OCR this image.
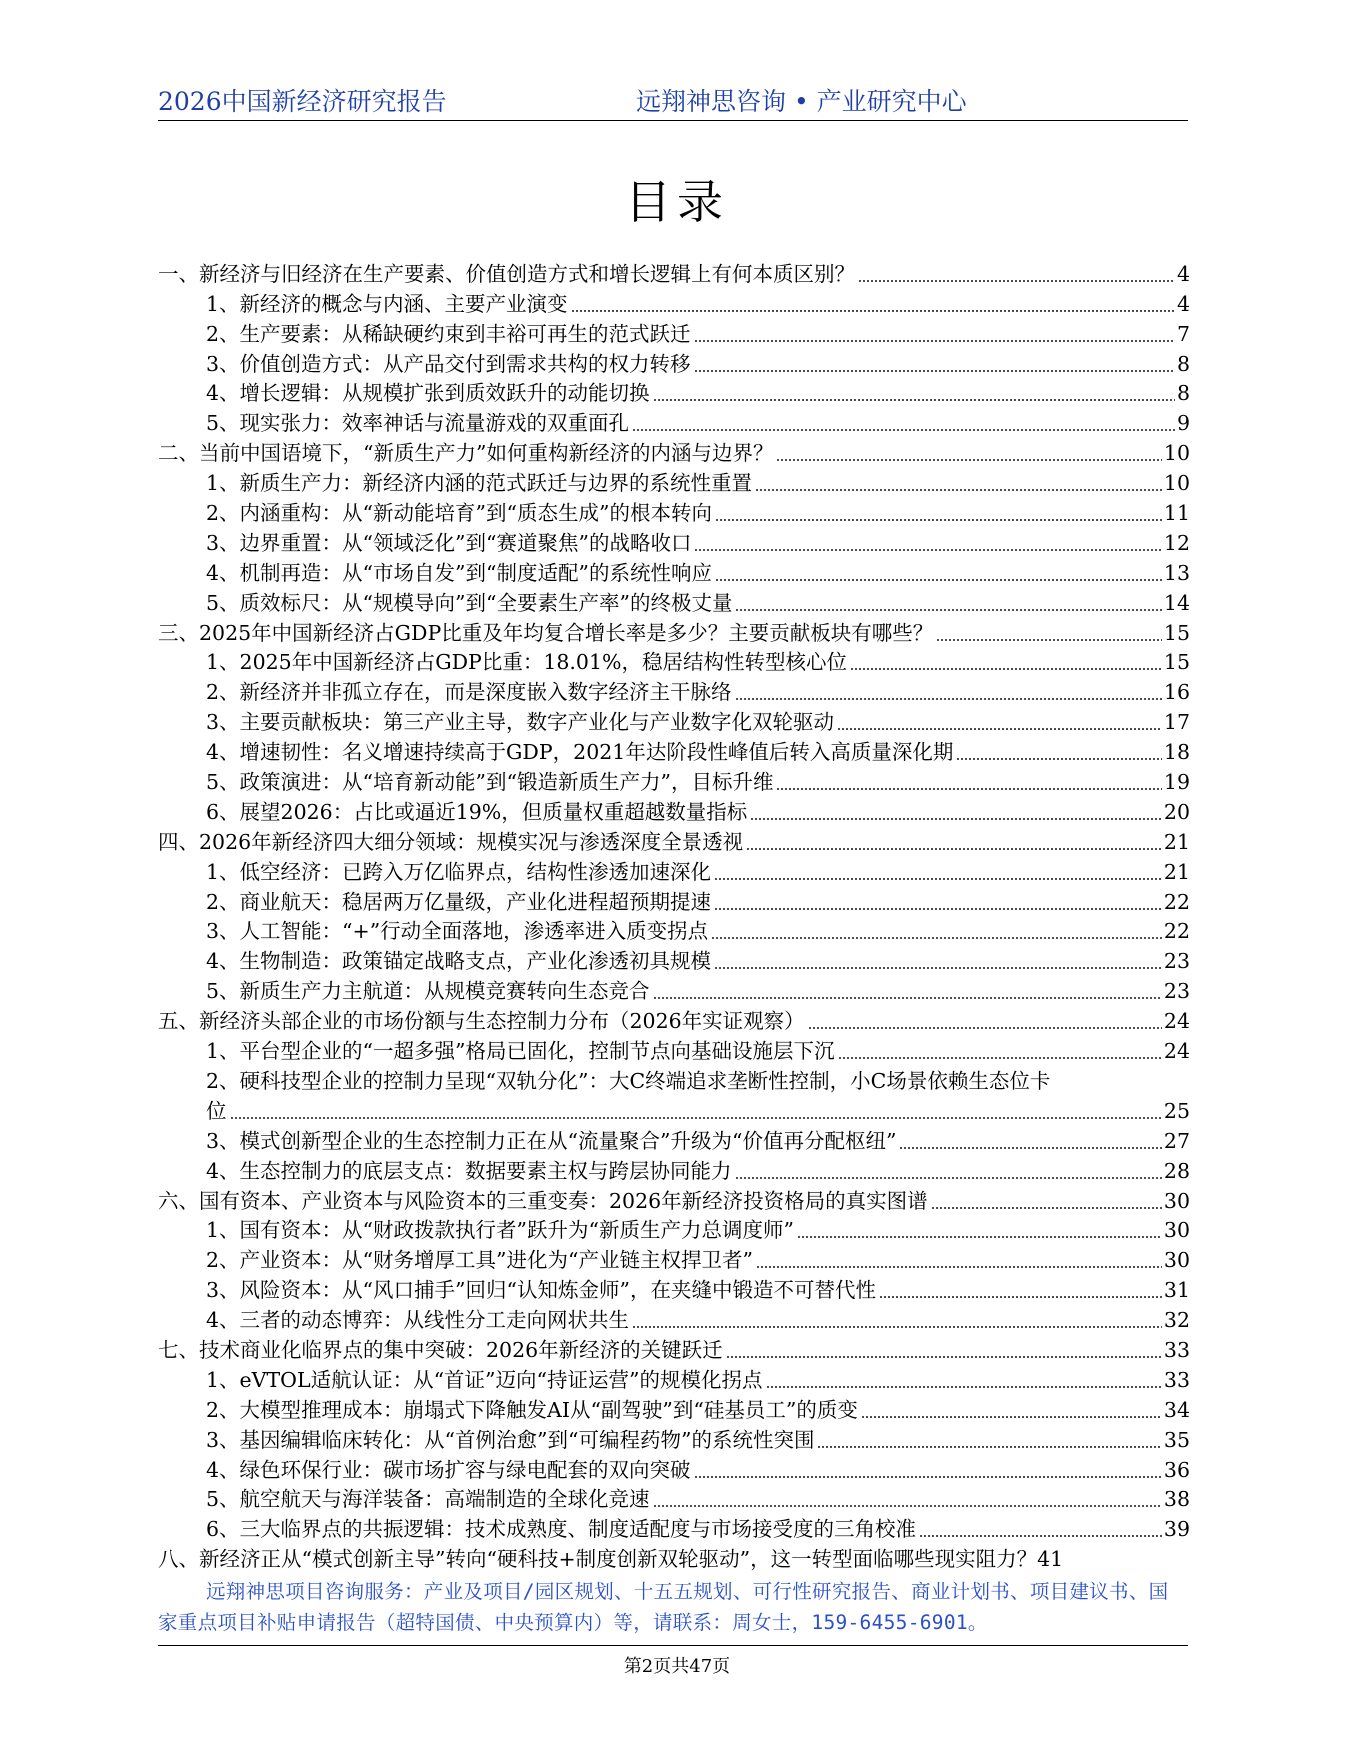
2026中国新经济研究报告	远翔神思咨询 • 产业研究中心
目录
一、新经济与旧经济在生产要素、价值创造方式和增长逻辑上有何本质区别？	4
1、新经济的概念与内涵、主要产业演变	4
2、生产要素：从稀缺硬约束到丰裕可再生的范式跃迁	7
3、价值创造方式：从产品交付到需求共构的权力转移	8
4、增长逻辑：从规模扩张到质效跃升的动能切换	8
5、现实张力：效率神话与流量游戏的双重面孔	9
二、当前中国语境下，“新质生产力”如何重构新经济的内涵与边界？	10
1、新质生产力：新经济内涵的范式跃迁与边界的系统性重置	10
2、内涵重构：从“新动能培育”到“质态生成”的根本转向	11
3、边界重置：从“领域泛化”到“赛道聚焦”的战略收口	12
4、机制再造：从“市场自发”到“制度适配”的系统性响应	13
5、质效标尺：从“规模导向”到“全要素生产率”的终极丈量	14
三、2025年中国新经济占GDP比重及年均复合增长率是多少？主要贡献板块有哪些？	15
1、2025年中国新经济占GDP比重：18.01%，稳居结构性转型核心位	15
2、新经济并非孤立存在，而是深度嵌入数字经济主干脉络	16
3、主要贡献板块：第三产业主导，数字产业化与产业数字化双轮驱动	17
4、增速韧性：名义增速持续高于GDP，2021年达阶段性峰值后转入高质量深化期	18
5、政策演进：从“培育新动能”到“锻造新质生产力”，目标升维	19
6、展望2026：占比或逼近19%，但质量权重超越数量指标	20
四、2026年新经济四大细分领域：规模实况与渗透深度全景透视	21
1、低空经济：已跨入万亿临界点，结构性渗透加速深化	21
2、商业航天：稳居两万亿量级，产业化进程超预期提速	22
3、人工智能：“+”行动全面落地，渗透率进入质变拐点	22
4、生物制造：政策锚定战略支点，产业化渗透初具规模	23
5、新质生产力主航道：从规模竞赛转向生态竞合	23
五、新经济头部企业的市场份额与生态控制力分布（2026年实证观察）	24
1、平台型企业的“一超多强”格局已固化，控制节点向基础设施层下沉	24
2、硬科技型企业的控制力呈现“双轨分化”：大C终端追求垄断性控制，小C场景依赖生态位卡
位	25
3、模式创新型企业的生态控制力正在从“流量聚合”升级为“价值再分配枢纽”	27
4、生态控制力的底层支点：数据要素主权与跨层协同能力	28
六、国有资本、产业资本与风险资本的三重变奏：2026年新经济投资格局的真实图谱	30
1、国有资本：从“财政拨款执行者”跃升为“新质生产力总调度师”	30
2、产业资本：从“财务增厚工具”进化为“产业链主权捍卫者”	30
3、风险资本：从“风口捕手”回归“认知炼金师”，在夹缝中锻造不可替代性	31
4、三者的动态博弈：从线性分工走向网状共生	32
七、技术商业化临界点的集中突破：2026年新经济的关键跃迁	33
1、eVTOL适航认证：从“首证”迈向“持证运营”的规模化拐点	33
2、大模型推理成本：崩塌式下降触发AI从“副驾驶”到“硅基员工”的质变	34
3、基因编辑临床转化：从“首例治愈”到“可编程药物”的系统性突围	35
4、绿色环保行业：碳市场扩容与绿电配套的双向突破	36
5、航空航天与海洋装备：高端制造的全球化竞速	38
6、三大临界点的共振逻辑：技术成熟度、制度适配度与市场接受度的三角校准	39
八、新经济正从“模式创新主导”转向“硬科技+制度创新双轮驱动”，这一转型面临哪些现实阻力？ 41
远翔神思项目咨询服务：产业及项目/园区规划、十五五规划、可行性研究报告、商业计划书、项目建议书、国家重点项目补贴申请报告（超特国债、中央预算内）等，请联系：周女士，159-6455-6901。
第2页共47页
